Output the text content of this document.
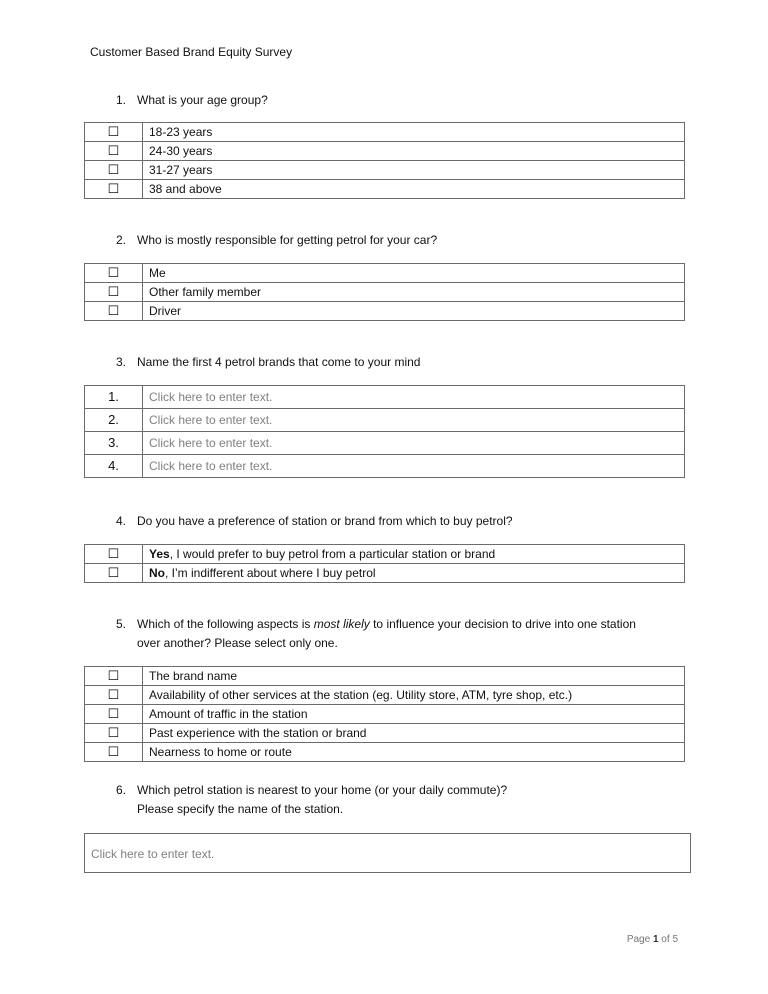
Customer Based Brand Equity Survey
1. What is your age group?
☐	18-23 years
☐	24-30 years
☐	31-27 years
☐	38 and above
2. Who is mostly responsible for getting petrol for your car?
☐	Me
☐	Other family member
☐	Driver
3. Name the first 4 petrol brands that come to your mind
1.	Click here to enter text.
2.	Click here to enter text.
3.	Click here to enter text.
4.	Click here to enter text.
4. Do you have a preference of station or brand from which to buy petrol?
☐	Yes, I would prefer to buy petrol from a particular station or brand
☐	No, I’m indifferent about where I buy petrol
5. Which of the following aspects is most likely to influence your decision to drive into one station
over another? Please select only one.
☐	The brand name
☐	Availability of other services at the station (eg. Utility store, ATM, tyre shop, etc.)
☐	Amount of traffic in the station
☐	Past experience with the station or brand
☐	Nearness to home or route
6. Which petrol station is nearest to your home (or your daily commute)?
Please specify the name of the station.
Click here to enter text.
Page 1 of 5
